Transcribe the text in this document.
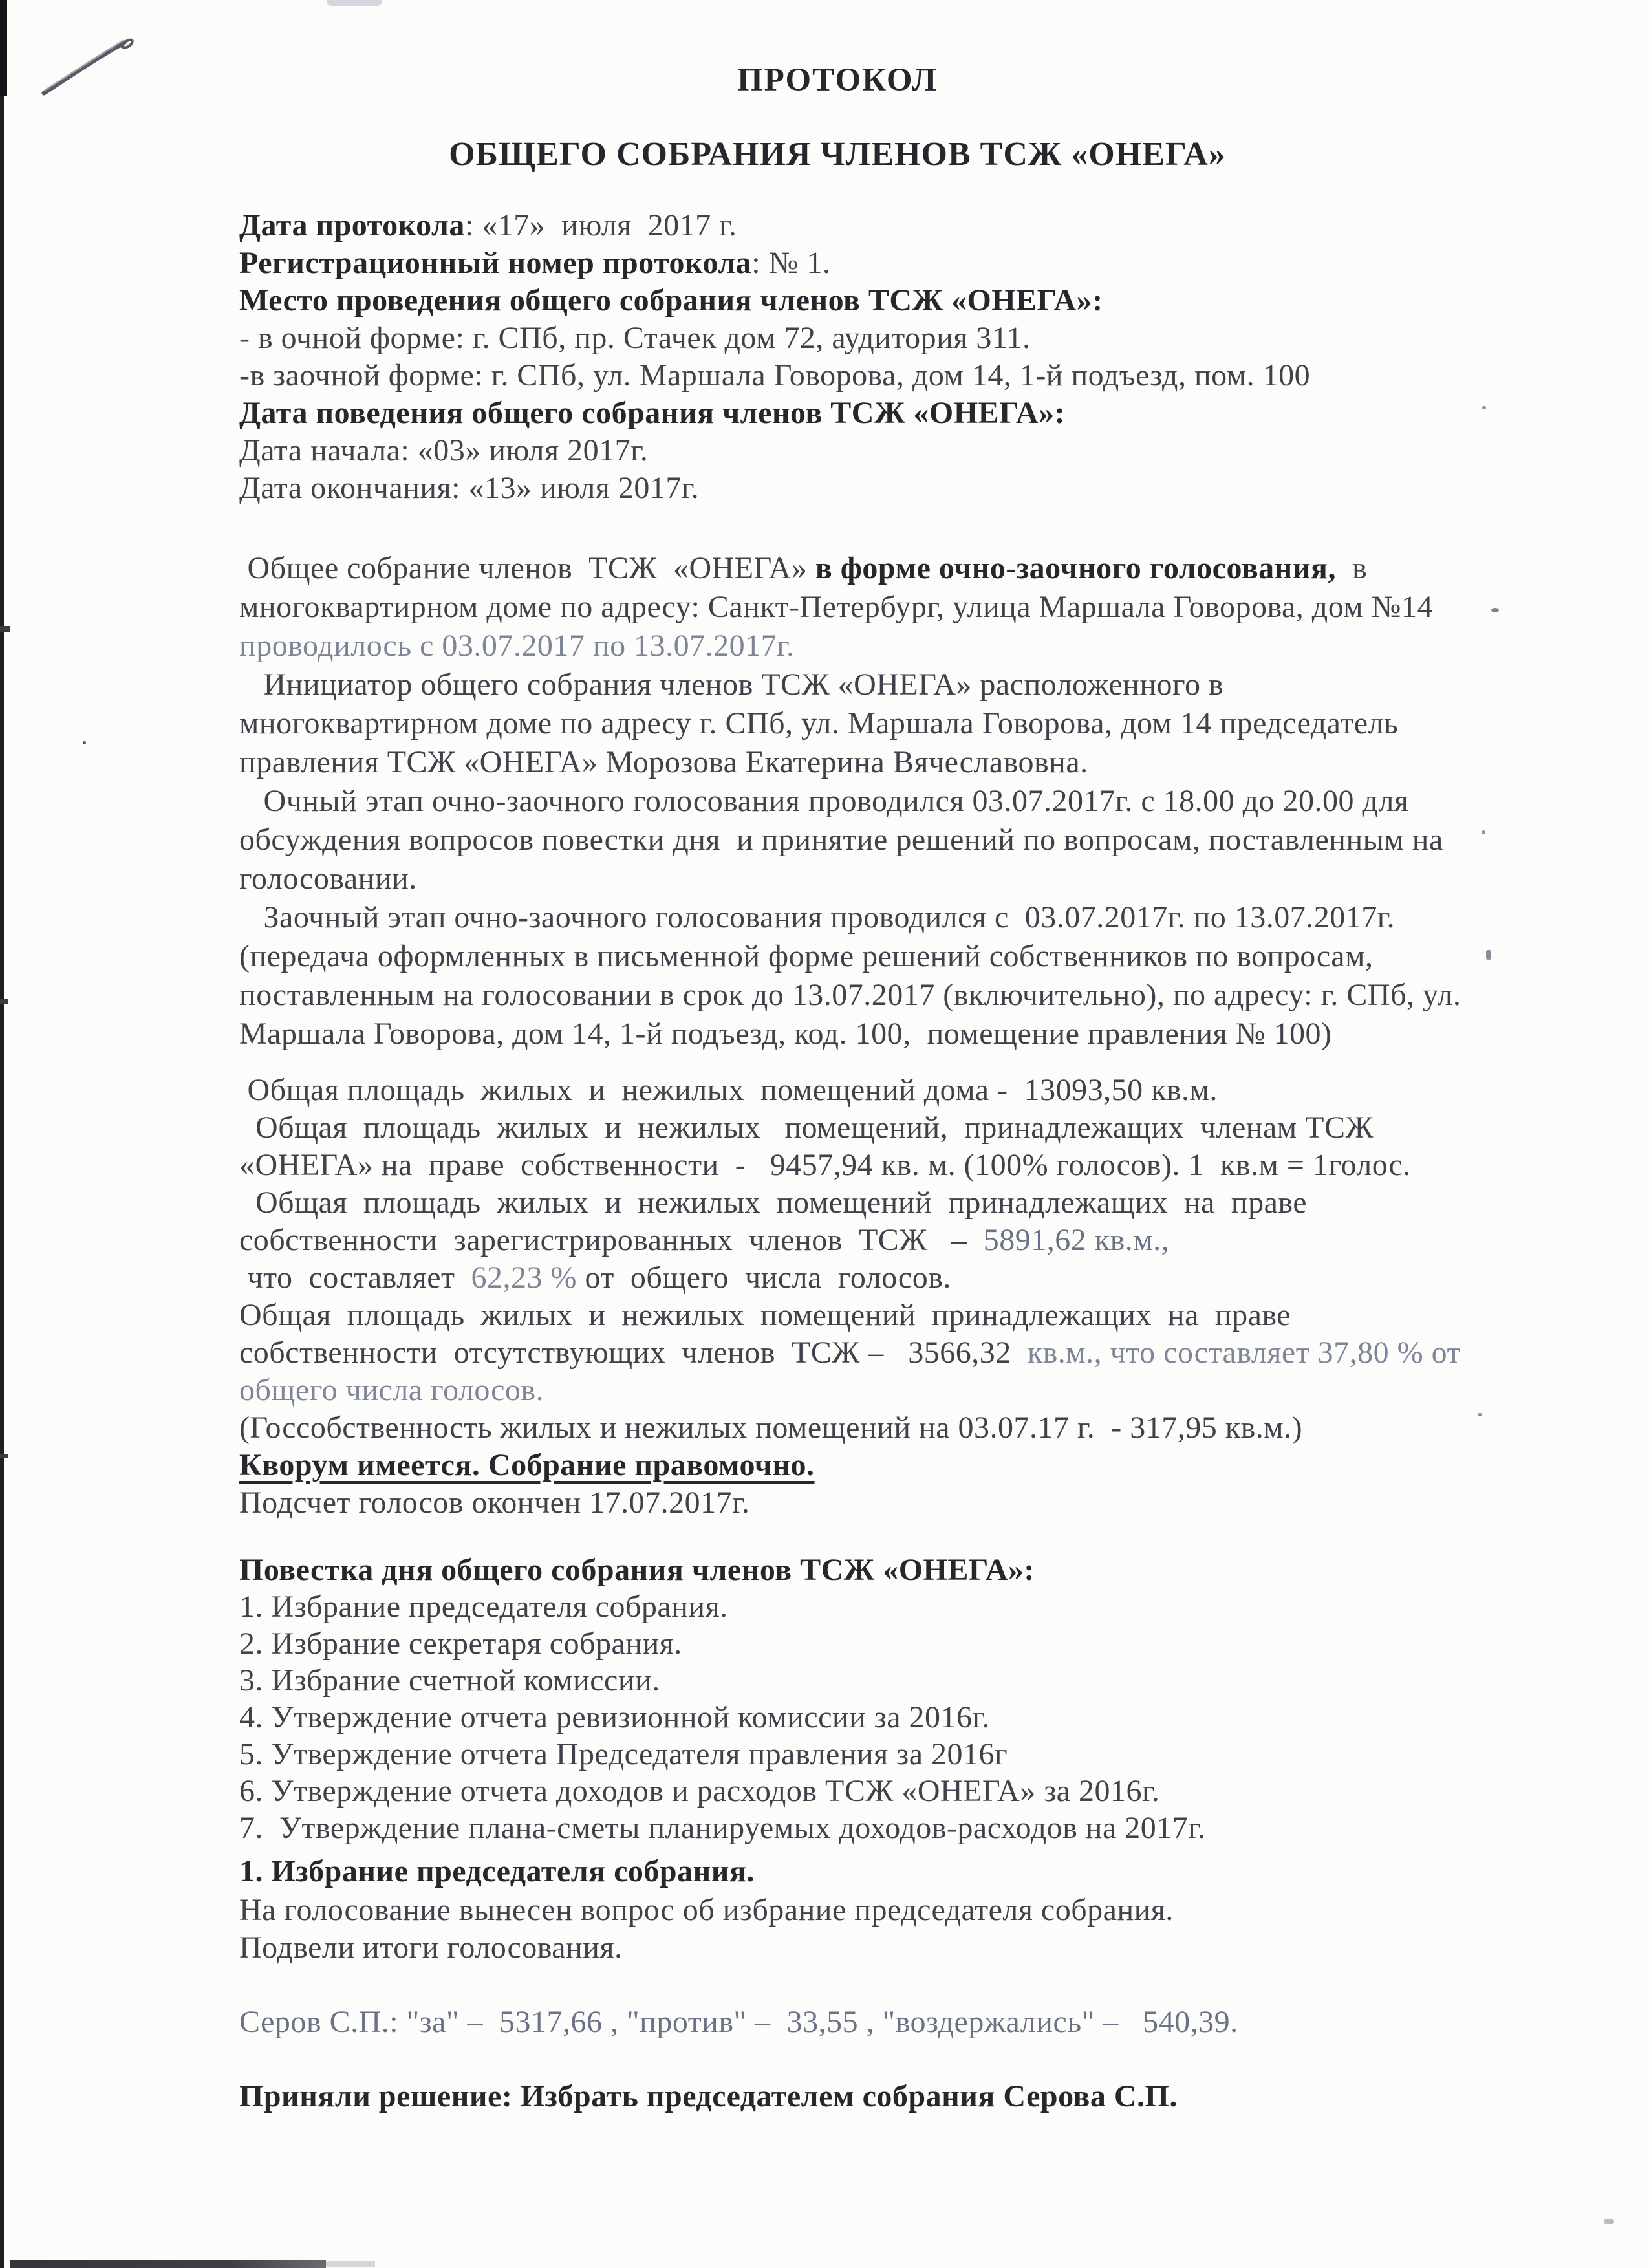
ПРОТОКОЛ
ОБЩЕГО СОБРАНИЯ ЧЛЕНОВ ТСЖ «ОНЕГА»
Дата протокола: «17»  июля  2017 г.
Регистрационный номер протокола: № 1.
Место проведения общего собрания членов ТСЖ «ОНЕГА»:
- в очной форме: г. СПб, пр. Стачек дом 72, аудитория 311.
-в заочной форме: г. СПб, ул. Маршала Говорова, дом 14, 1-й подъезд, пом. 100
Дата поведения общего собрания членов ТСЖ «ОНЕГА»:
Дата начала: «03» июля 2017г.
Дата окончания: «13» июля 2017г.
Общее собрание членов  ТСЖ  «ОНЕГА» в форме очно-заочного голосования,  в
многоквартирном доме по адресу: Санкт-Петербург, улица Маршала Говорова, дом №14
проводилось с 03.07.2017 по 13.07.2017г.
Инициатор общего собрания членов ТСЖ «ОНЕГА» расположенного в
многоквартирном доме по адресу г. СПб, ул. Маршала Говорова, дом 14 председатель
правления ТСЖ «ОНЕГА» Морозова Екатерина Вячеславовна.
Очный этап очно-заочного голосования проводился 03.07.2017г. с 18.00 до 20.00 для
обсуждения вопросов повестки дня  и принятие решений по вопросам, поставленным на
голосовании.
Заочный этап очно-заочного голосования проводился с  03.07.2017г. по 13.07.2017г.
(передача оформленных в письменной форме решений собственников по вопросам,
поставленным на голосовании в срок до 13.07.2017 (включительно), по адресу: г. СПб, ул.
Маршала Говорова, дом 14, 1-й подъезд, код. 100,  помещение правления № 100)
Общая площадь  жилых  и  нежилых  помещений дома -  13093,50 кв.м.
Общая  площадь  жилых  и  нежилых   помещений,  принадлежащих  членам ТСЖ
«ОНЕГА» на  праве  собственности  -   9457,94 кв. м. (100% голосов). 1  кв.м = 1голос.
Общая  площадь  жилых  и  нежилых  помещений  принадлежащих  на  праве
собственности  зарегистрированных  членов  ТСЖ   –  5891,62 кв.м.,
что  составляет  62,23 % от  общего  числа  голосов.
Общая  площадь  жилых  и  нежилых  помещений  принадлежащих  на  праве
собственности  отсутствующих  членов  ТСЖ –   3566,32  кв.м., что составляет 37,80 % от
общего числа голосов.
(Госсобственность жилых и нежилых помещений на 03.07.17 г.  - 317,95 кв.м.)
Кворум имеется. Собрание правомочно.
Подсчет голосов окончен 17.07.2017г.
Повестка дня общего собрания членов ТСЖ «ОНЕГА»:
1. Избрание председателя собрания.
2. Избрание секретаря собрания.
3. Избрание счетной комиссии.
4. Утверждение отчета ревизионной комиссии за 2016г.
5. Утверждение отчета Председателя правления за 2016г
6. Утверждение отчета доходов и расходов ТСЖ «ОНЕГА» за 2016г.
7.  Утверждение плана-сметы планируемых доходов-расходов на 2017г.
1. Избрание председателя собрания.
На голосование вынесен вопрос об избрание председателя собрания.
Подвели итоги голосования.
Серов С.П.: "за" –  5317,66 , "против" –  33,55 , "воздержались" –   540,39.
Приняли решение: Избрать председателем собрания Серова С.П.
